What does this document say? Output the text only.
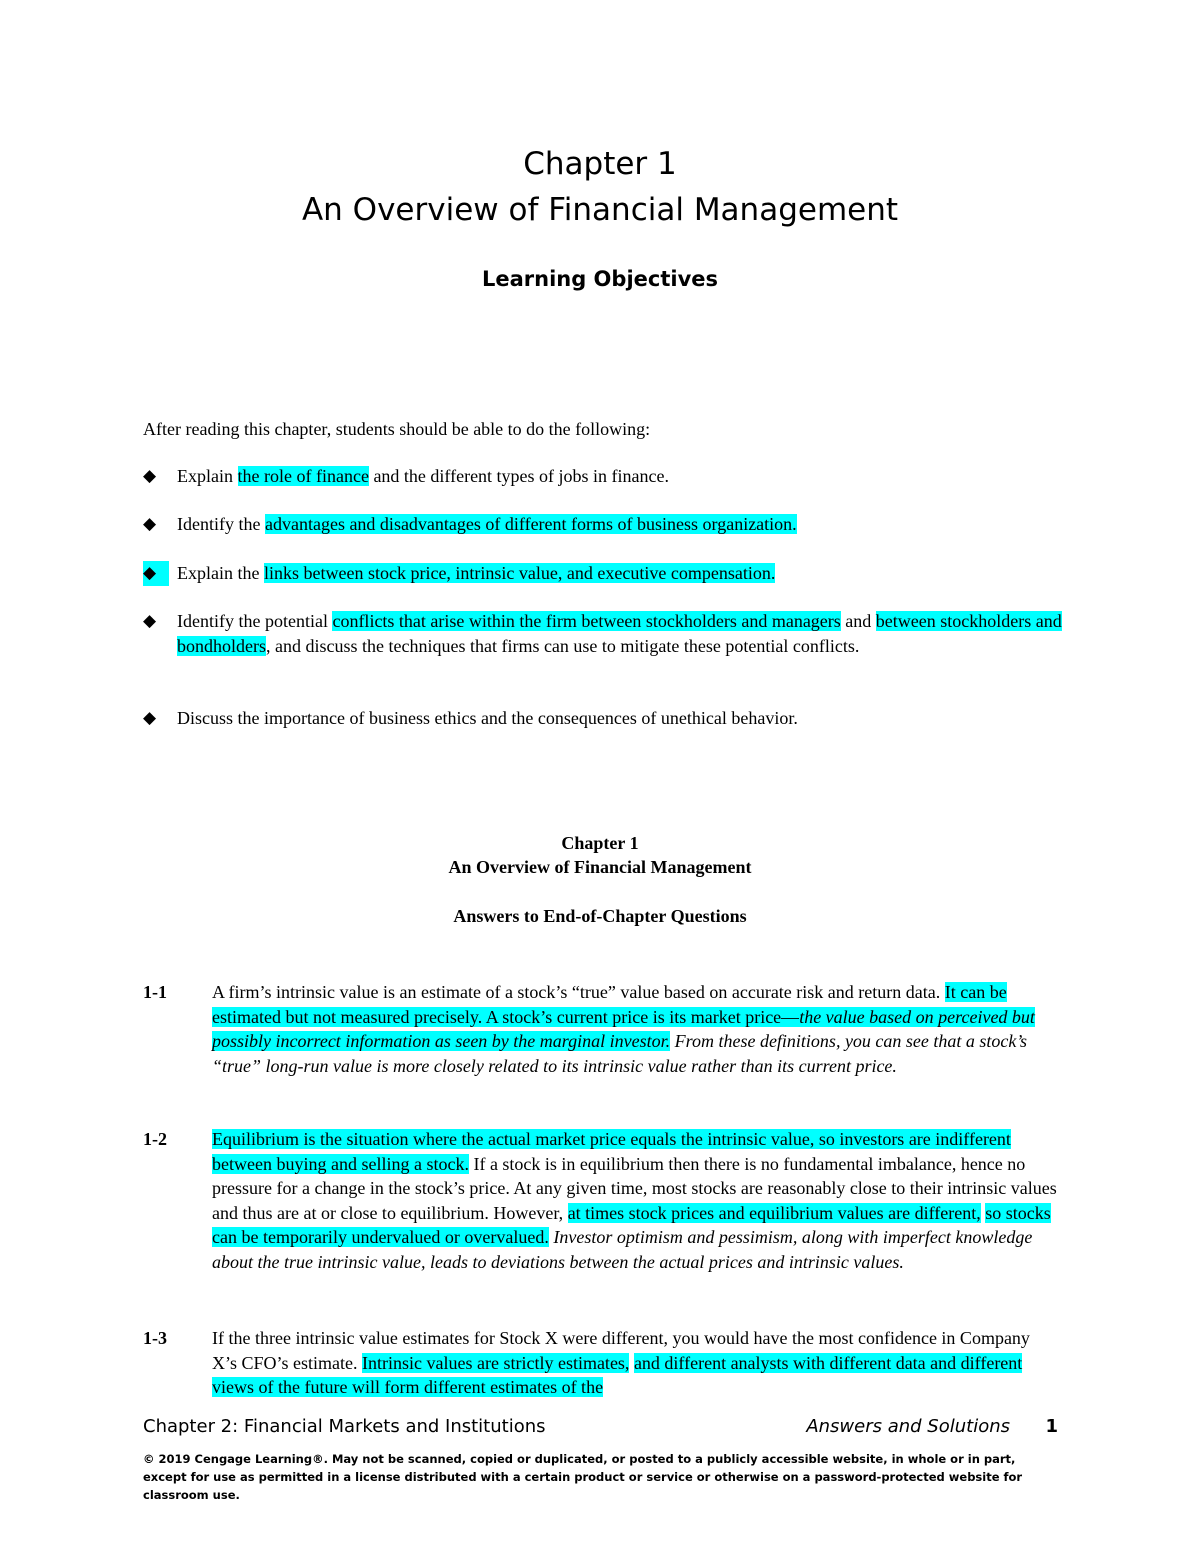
Chapter 1
An Overview of Financial Management
Learning Objectives
After reading this chapter, students should be able to do the following:
◆	Explain the role of finance and the different types of jobs in finance.
◆	Identify the advantages and disadvantages of different forms of business organization.
◆	Explain the links between stock price, intrinsic value, and executive compensation.
◆	Identify the potential conflicts that arise within the firm between stockholders and managers and between stockholders and bondholders, and discuss the techniques that firms can use to mitigate these potential conflicts.
◆	Discuss the importance of business ethics and the consequences of unethical behavior.
Chapter 1
An Overview of Financial Management
Answers to End-of-Chapter Questions
1-1	A firm’s intrinsic value is an estimate of a stock’s “true” value based on accurate risk and return data. It can be estimated but not measured precisely. A stock’s current price is its market price—the value based on perceived but possibly incorrect information as seen by the marginal investor. From these definitions, you can see that a stock’s “true” long-run value is more closely related to its intrinsic value rather than its current price.
1-2	Equilibrium is the situation where the actual market price equals the intrinsic value, so investors are indifferent between buying and selling a stock. If a stock is in equilibrium then there is no fundamental imbalance, hence no pressure for a change in the stock’s price. At any given time, most stocks are reasonably close to their intrinsic values and thus are at or close to equilibrium. However, at times stock prices and equilibrium values are different, so stocks can be temporarily undervalued or overvalued. Investor optimism and pessimism, along with imperfect knowledge about the true intrinsic value, leads to deviations between the actual prices and intrinsic values.
1-3	If the three intrinsic value estimates for Stock X were different, you would have the most confidence in Company X’s CFO’s estimate. Intrinsic values are strictly estimates, and different analysts with different data and different views of the future will form different estimates of the
Chapter 2: Financial Markets and Institutions	Answers and Solutions 1
© 2019 Cengage Learning®. May not be scanned, copied or duplicated, or posted to a publicly accessible website, in whole or in part, except for use as permitted in a license distributed with a certain product or service or otherwise on a password-protected website for classroom use.
